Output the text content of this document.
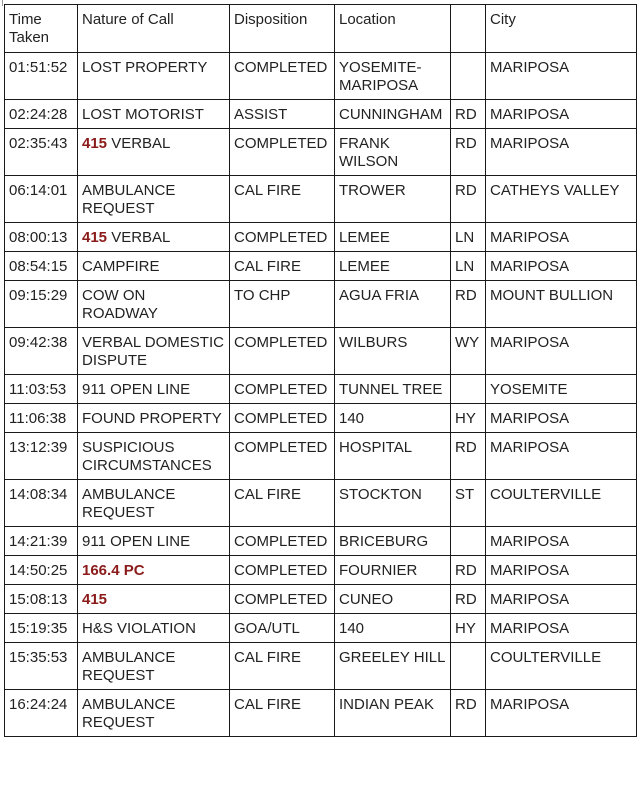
Time Taken	Nature of Call	Disposition	Location		City
01:51:52	LOST PROPERTY	COMPLETED	YOSEMITE-MARIPOSA		MARIPOSA
02:24:28	LOST MOTORIST	ASSIST	CUNNINGHAM	RD	MARIPOSA
02:35:43	415 VERBAL	COMPLETED	FRANK WILSON	RD	MARIPOSA
06:14:01	AMBULANCE REQUEST	CAL FIRE	TROWER	RD	CATHEYS VALLEY
08:00:13	415 VERBAL	COMPLETED	LEMEE	LN	MARIPOSA
08:54:15	CAMPFIRE	CAL FIRE	LEMEE	LN	MARIPOSA
09:15:29	COW ON ROADWAY	TO CHP	AGUA FRIA	RD	MOUNT BULLION
09:42:38	VERBAL DOMESTIC DISPUTE	COMPLETED	WILBURS	WY	MARIPOSA
11:03:53	911 OPEN LINE	COMPLETED	TUNNEL TREE		YOSEMITE
11:06:38	FOUND PROPERTY	COMPLETED	140	HY	MARIPOSA
13:12:39	SUSPICIOUS CIRCUMSTANCES	COMPLETED	HOSPITAL	RD	MARIPOSA
14:08:34	AMBULANCE REQUEST	CAL FIRE	STOCKTON	ST	COULTERVILLE
14:21:39	911 OPEN LINE	COMPLETED	BRICEBURG		MARIPOSA
14:50:25	166.4 PC	COMPLETED	FOURNIER	RD	MARIPOSA
15:08:13	415	COMPLETED	CUNEO	RD	MARIPOSA
15:19:35	H&S VIOLATION	GOA/UTL	140	HY	MARIPOSA
15:35:53	AMBULANCE REQUEST	CAL FIRE	GREELEY HILL		COULTERVILLE
16:24:24	AMBULANCE REQUEST	CAL FIRE	INDIAN PEAK	RD	MARIPOSA
